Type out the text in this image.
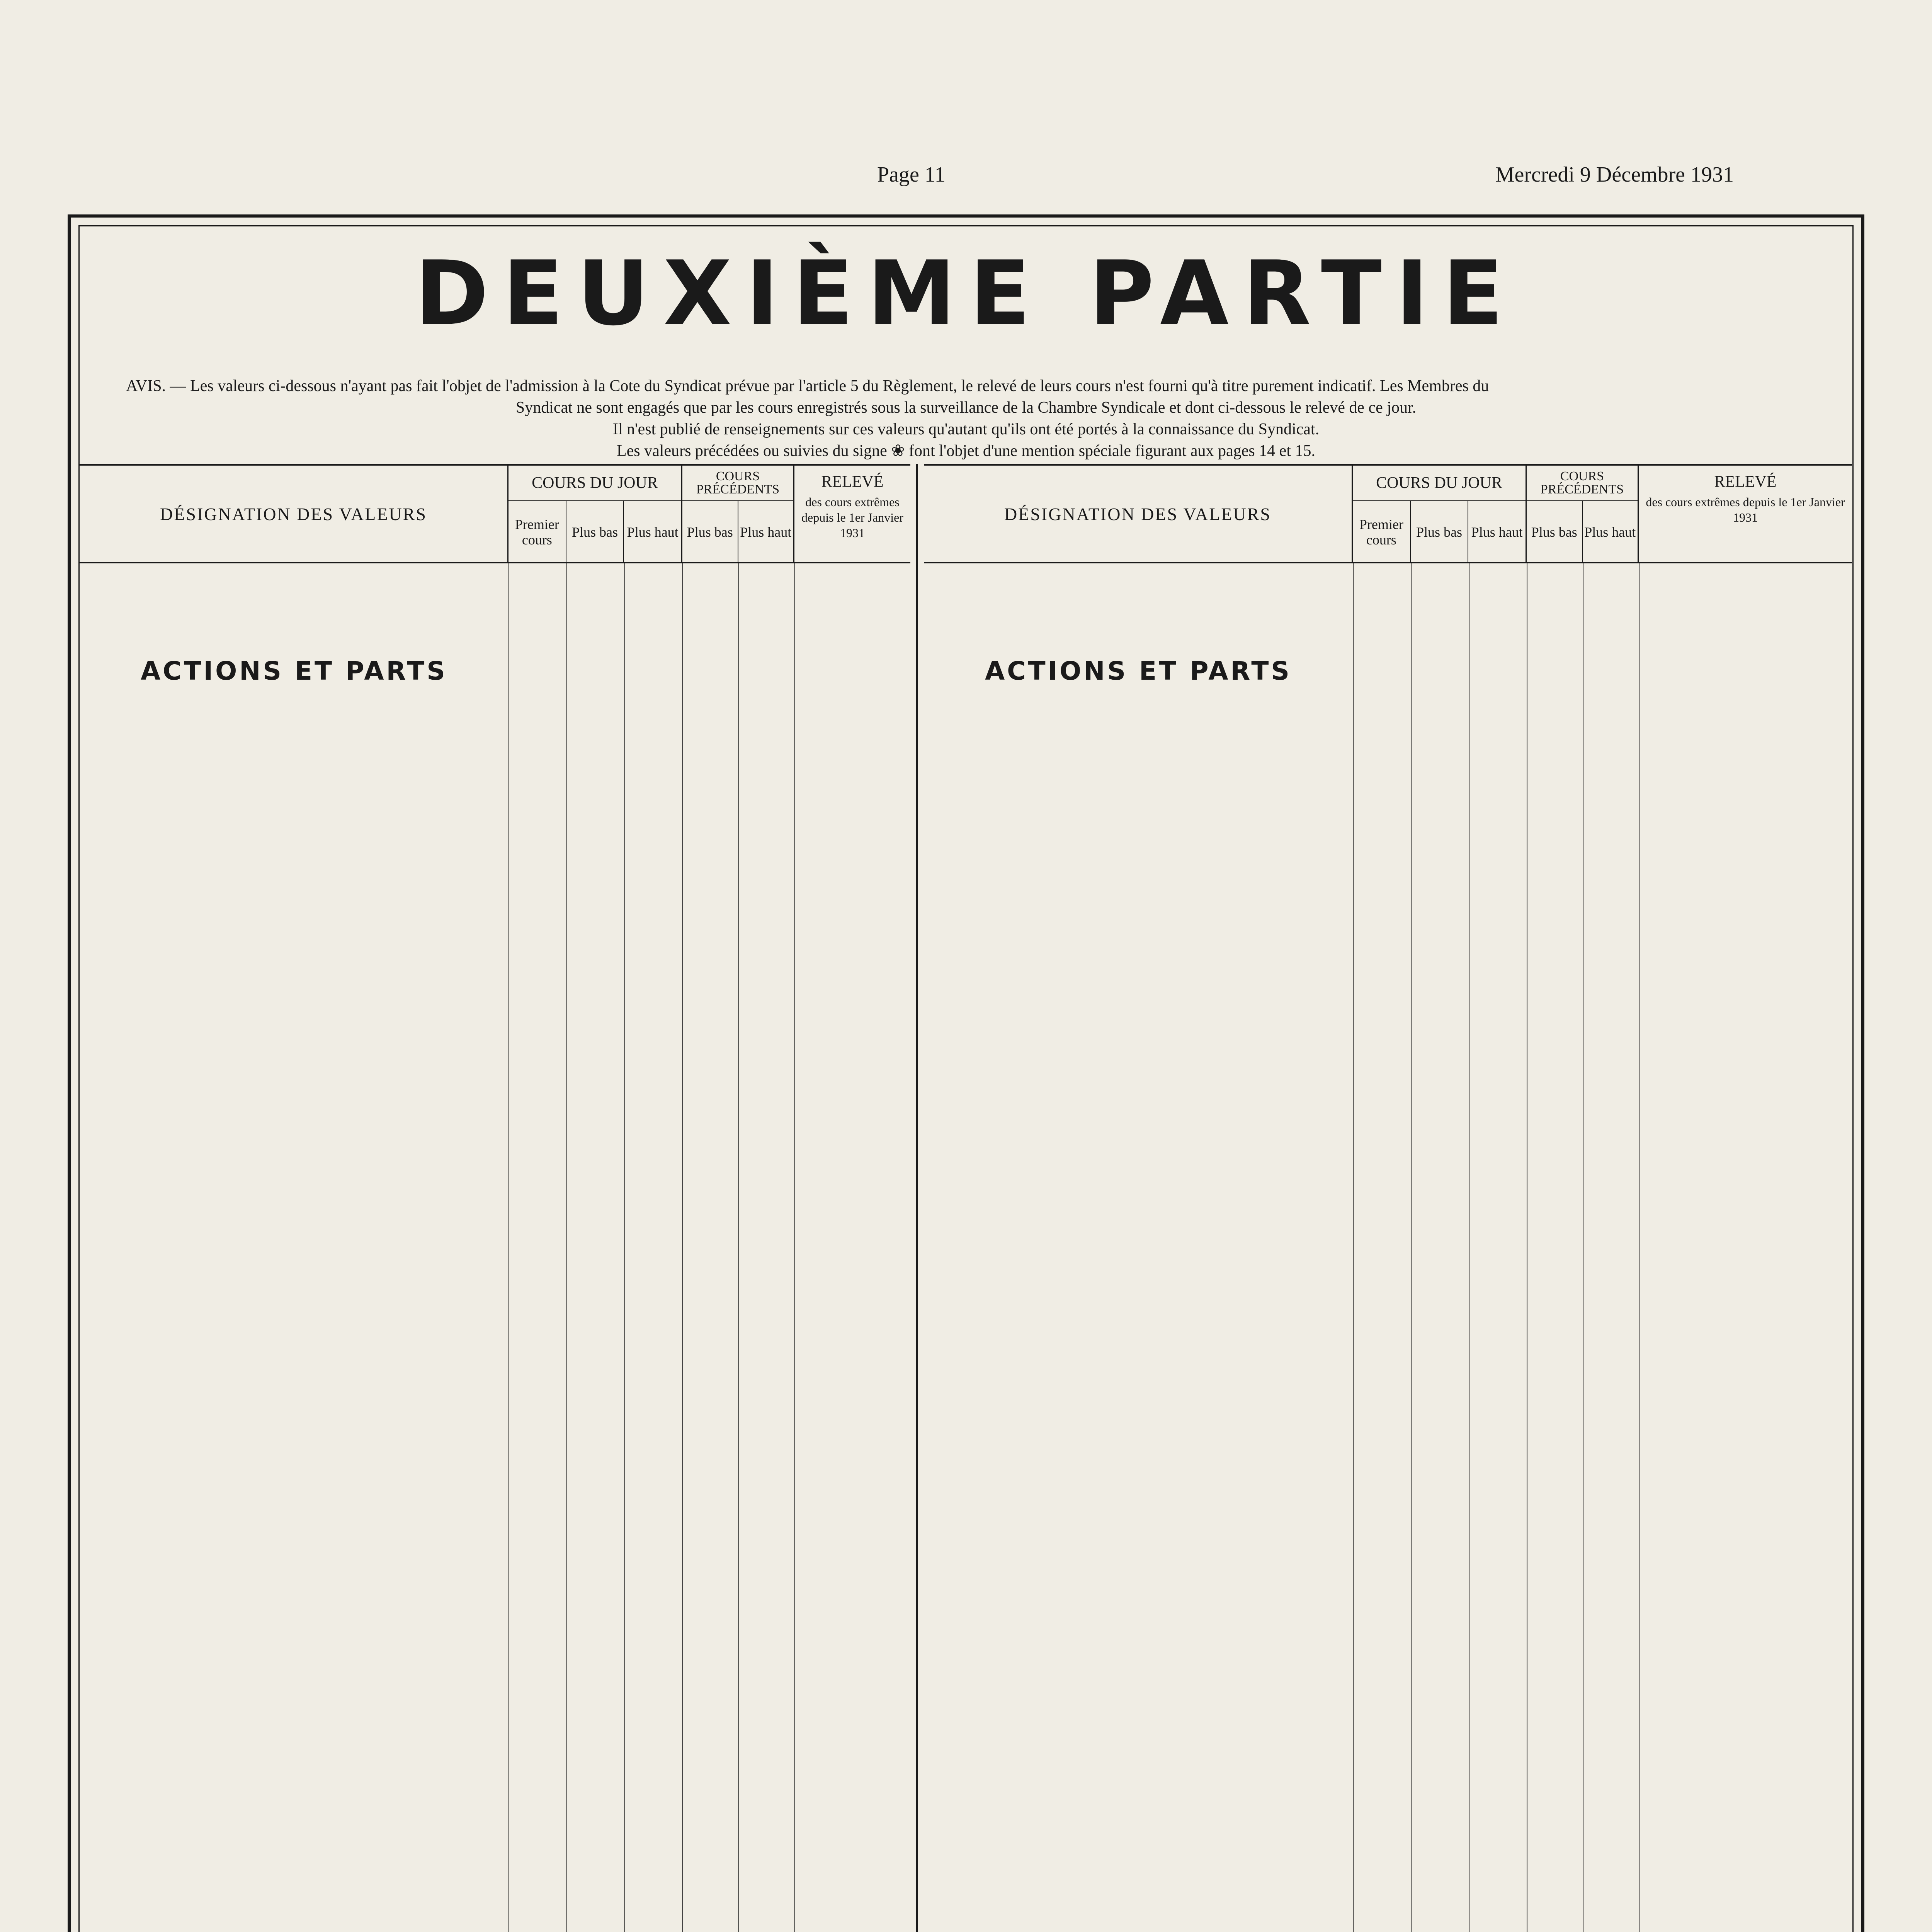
Page 11	Mercredi 9 Décembre 1931
DEUXIÈME PARTIE

AVIS. — Les valeurs ci-dessous n'ayant pas fait l'objet de l'admission à la Cote du Syndicat prévue par l'article 5 du Règlement, le relevé de leurs cours n'est fourni qu'à titre purement indicatif. Les Membres du

Syndicat ne sont engagés que par les cours enregistrés sous la surveillance de la Chambre Syndicale et dont ci-dessous le relevé de ce jour.

Il n'est publié de renseignements sur ces valeurs qu'autant qu'ils ont été portés à la connaissance du Syndicat.

Les valeurs précédées ou suivies du signe ❀ font l'objet d'une mention spéciale figurant aux pages 14 et 15.

DÉSIGNATION DES VALEURS
COURS DU JOUR
Premier cours	Plus bas Plus haut
COURS PRÉCÉDENTS
Plus bas Plus haut
RELEVÉ
des cours extrêmes depuis le 1er Janvier 1931
ACTIONS ET PARTS
DÉSIGNATION DES VALEURS
COURS DU JOUR
Premier cours	Plus bas Plus haut
COURS PRÉCÉDENTS
Plus bas Plus haut
RELEVÉ
des cours extrêmes depuis le 1er Janvier 1931
ACTIONS ET PARTS
